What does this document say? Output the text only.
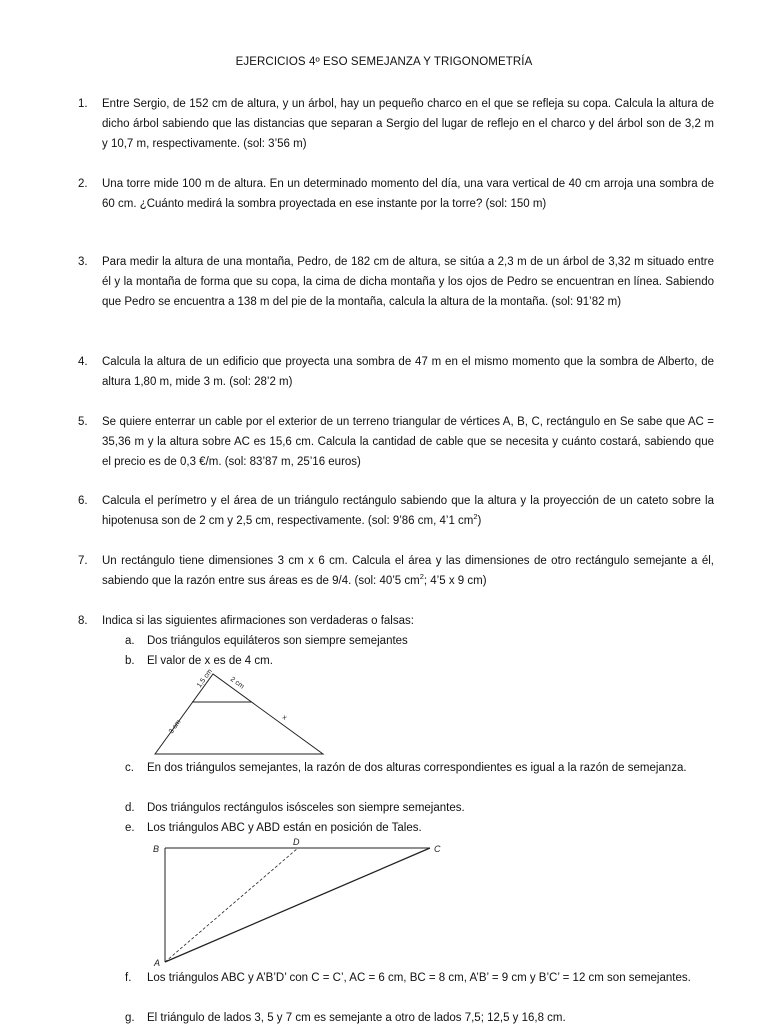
EJERCICIOS 4º ESO SEMEJANZA Y TRIGONOMETRÍA
1.	Entre Sergio, de 152 cm de altura, y un árbol, hay un pequeño charco en el que se refleja su copa. Calcula la altura de dicho árbol sabiendo que las distancias que separan a Sergio del lugar de reflejo en el charco y del árbol son de 3,2 m y 10,7 m, respectivamente. (sol: 3’56 m)
2.	Una torre mide 100 m de altura. En un determinado momento del día, una vara vertical de 40 cm arroja una sombra de 60 cm. ¿Cuánto medirá la sombra proyectada en ese instante por la torre? (sol: 150 m)
3.	Para medir la altura de una montaña, Pedro, de 182 cm de altura, se sitúa a 2,3 m de un árbol de 3,32 m situado entre él y la montaña de forma que su copa, la cima de dicha montaña y los ojos de Pedro se encuentran en línea. Sabiendo que Pedro se encuentra a 138 m del pie de la montaña, calcula la altura de la montaña. (sol: 91’82 m)
4.	Calcula la altura de un edificio que proyecta una sombra de 47 m en el mismo momento que la sombra de Alberto, de altura 1,80 m, mide 3 m. (sol: 28’2 m)
5.	Se quiere enterrar un cable por el exterior de un terreno triangular de vértices A, B, C, rectángulo en Se sabe que AC = 35,36 m y la altura sobre AC es 15,6 cm. Calcula la cantidad de cable que se necesita y cuánto costará, sabiendo que el precio es de 0,3 €/m. (sol: 83’87 m, 25’16 euros)
6.	Calcula el perímetro y el área de un triángulo rectángulo sabiendo que la altura y la proyección de un cateto sobre la hipotenusa son de 2 cm y 2,5 cm, respectivamente. (sol: 9’86 cm, 4’1 $cm^2$)
7.	Un rectángulo tiene dimensiones 3 cm x 6 cm. Calcula el área y las dimensiones de otro rectángulo semejante a él, sabiendo que la razón entre sus áreas es de 9/4. (sol: 40’5 $cm^2$; 4’5 x 9 cm)
8.	Indica si las siguientes afirmaciones son verdaderas o falsas:
a.	Dos triángulos equiláteros son siempre semejantes
b.	El valor de x es de 4 cm.
1,5 cm 2 cm
3 cm
x
c.	En dos triángulos semejantes, la razón de dos alturas correspondientes es igual a la razón de semejanza.
d.	Dos triángulos rectángulos isósceles son siempre semejantes.
e.	Los triángulos ABC y ABD están en posición de Tales.
B
D
C
A
f.	Los triángulos ABC y A’B’D’ con C = C’, AC = 6 cm, BC = 8 cm, A’B’ = 9 cm y B’C’ = 12 cm son semejantes.
g.	El triángulo de lados 3, 5 y 7 cm es semejante a otro de lados 7,5; 12,5 y 16,8 cm.
